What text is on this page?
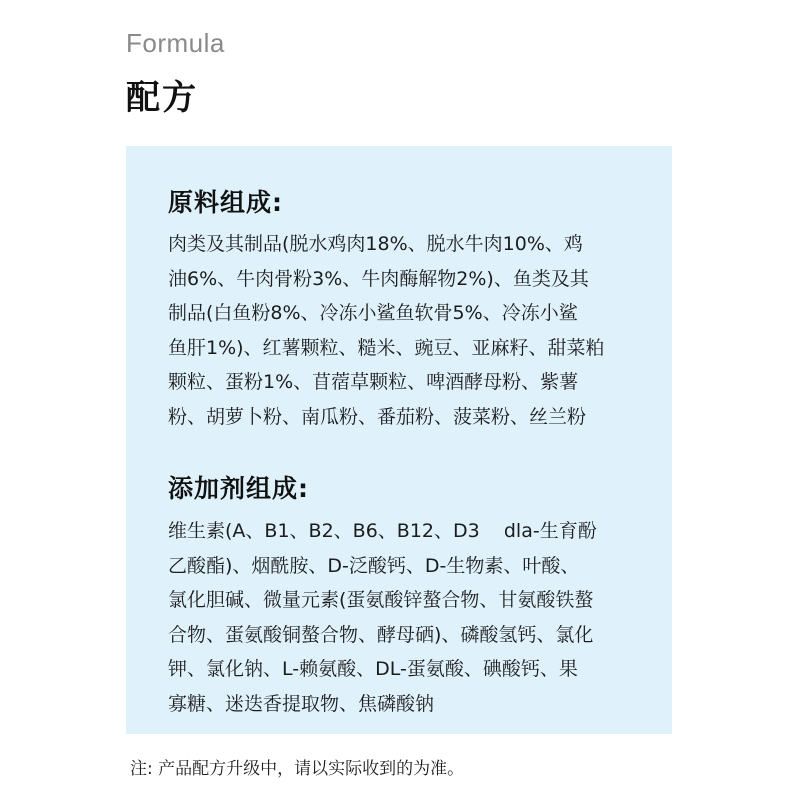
Formula
配方
原料组成:
肉类及其制品(脱水鸡肉18%、脱水牛肉10%、鸡
油6%、牛肉骨粉3%、牛肉酶解物2%)、鱼类及其
制品(白鱼粉8%、冷冻小鲨鱼软骨5%、冷冻小鲨
鱼肝1%)、红薯颗粒、糙米、豌豆、亚麻籽、甜菜粕
颗粒、蛋粉1%、苜蓿草颗粒、啤酒酵母粉、紫薯
粉、胡萝卜粉、南瓜粉、番茄粉、菠菜粉、丝兰粉
添加剂组成:
维生素(A、B1、B2、B6、B12、D3    dla-生育酚
乙酸酯)、烟酰胺、D-泛酸钙、D-生物素、叶酸、
氯化胆碱、微量元素(蛋氨酸锌螯合物、甘氨酸铁螯
合物、蛋氨酸铜螯合物、酵母硒)、磷酸氢钙、氯化
钾、氯化钠、L-赖氨酸、DL-蛋氨酸、碘酸钙、果
寡糖、迷迭香提取物、焦磷酸钠
注: 产品配方升级中，请以实际收到的为准。
